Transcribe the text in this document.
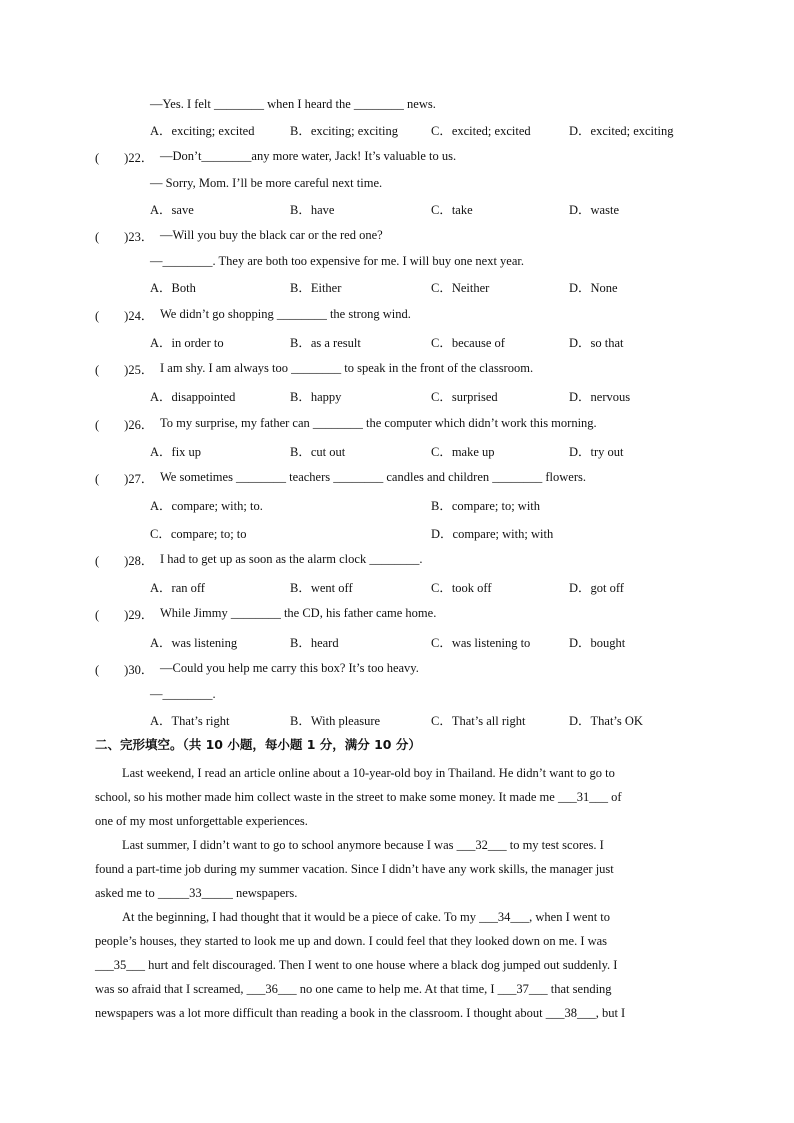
—Yes. I felt ________ when I heard the ________ news.
A．exciting; excited	B．exciting; exciting	C．excited; excited	D．excited; exciting
(　　)22． —Don’t________any more water, Jack! It’s valuable to us.
— Sorry, Mom. I’ll be more careful next time.
A．save	B．have	C．take	D．waste
(　　)23． —Will you buy the black car or the red one?
—________. They are both too expensive for me. I will buy one next year.
A．Both	B．Either	C．Neither	D．None
(　　)24． We didn’t go shopping ________ the strong wind.
A．in order to	B．as a result	C．because of	D．so that
(　　)25． I am shy. I am always too ________ to speak in the front of the classroom.
A．disappointed	B．happy	C．surprised	D．nervous
(　　)26． To my surprise, my father can ________ the computer which didn’t work this morning.
A．fix up	B．cut out	C．make up	D．try out
(　　)27． We sometimes ________ teachers ________ candles and children ________ flowers.
A．compare; with; to.	B．compare; to; with
C．compare; to; to	D．compare; with; with
(　　)28． I had to get up as soon as the alarm clock ________.
A．ran off	B．went off	C．took off	D．got off
(　　)29． While Jimmy ________ the CD, his father came home.
A．was listening	B．heard	C．was listening to	D．bought
(　　)30． —Could you help me carry this box? It’s too heavy.
—________.
A．That’s right	B．With pleasure	C．That’s all right	D．That’s OK
二、完形填空。（共 10 小题，每小题 1 分，满分 10 分）
Last weekend, I read an article online about a 10-year-old boy in Thailand. He didn’t want to go to
school, so his mother made him collect waste in the street to make some money. It made me ___31___ of
one of my most unforgettable experiences.
Last summer, I didn’t want to go to school anymore because I was ___32___ to my test scores. I
found a part-time job during my summer vacation. Since I didn’t have any work skills, the manager just
asked me to _____33_____ newspapers.
At the beginning, I had thought that it would be a piece of cake. To my ___34___, when I went to
people’s houses, they started to look me up and down. I could feel that they looked down on me. I was
___35___ hurt and felt discouraged. Then I went to one house where a black dog jumped out suddenly. I
was so afraid that I screamed, ___36___ no one came to help me. At that time, I ___37___ that sending
newspapers was a lot more difficult than reading a book in the classroom. I thought about ___38___, but I
